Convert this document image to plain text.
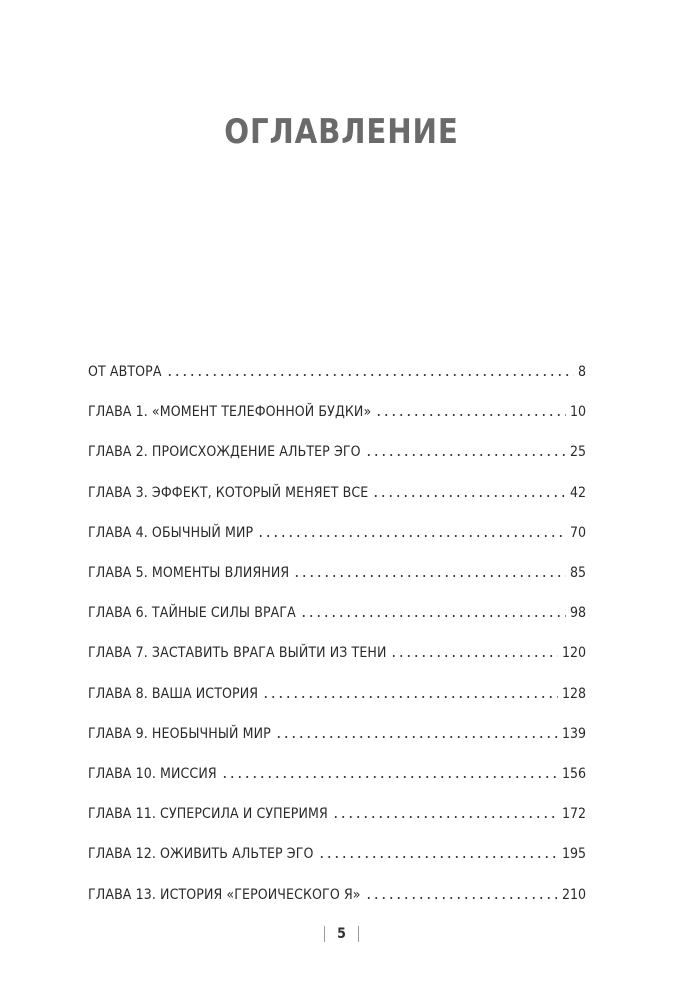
ОГЛАВЛЕНИЕ
ОТ АВТОРА	8
ГЛАВА 1. «МОМЕНТ ТЕЛЕФОННОЙ БУДКИ»	10
ГЛАВА 2. ПРОИСХОЖДЕНИЕ АЛЬТЕР ЭГО	25
ГЛАВА 3. ЭФФЕКТ, КОТОРЫЙ МЕНЯЕТ ВСЕ	42
ГЛАВА 4. ОБЫЧНЫЙ МИР	70
ГЛАВА 5. МОМЕНТЫ ВЛИЯНИЯ	85
ГЛАВА 6. ТАЙНЫЕ СИЛЫ ВРАГА	98
ГЛАВА 7. ЗАСТАВИТЬ ВРАГА ВЫЙТИ ИЗ ТЕНИ	120
ГЛАВА 8. ВАША ИСТОРИЯ	128
ГЛАВА 9. НЕОБЫЧНЫЙ МИР	139
ГЛАВА 10. МИССИЯ	156
ГЛАВА 11. СУПЕРСИЛА И СУПЕРИМЯ	172
ГЛАВА 12. ОЖИВИТЬ АЛЬТЕР ЭГО	195
ГЛАВА 13. ИСТОРИЯ «ГЕРОИЧЕСКОГО Я»	210
5
